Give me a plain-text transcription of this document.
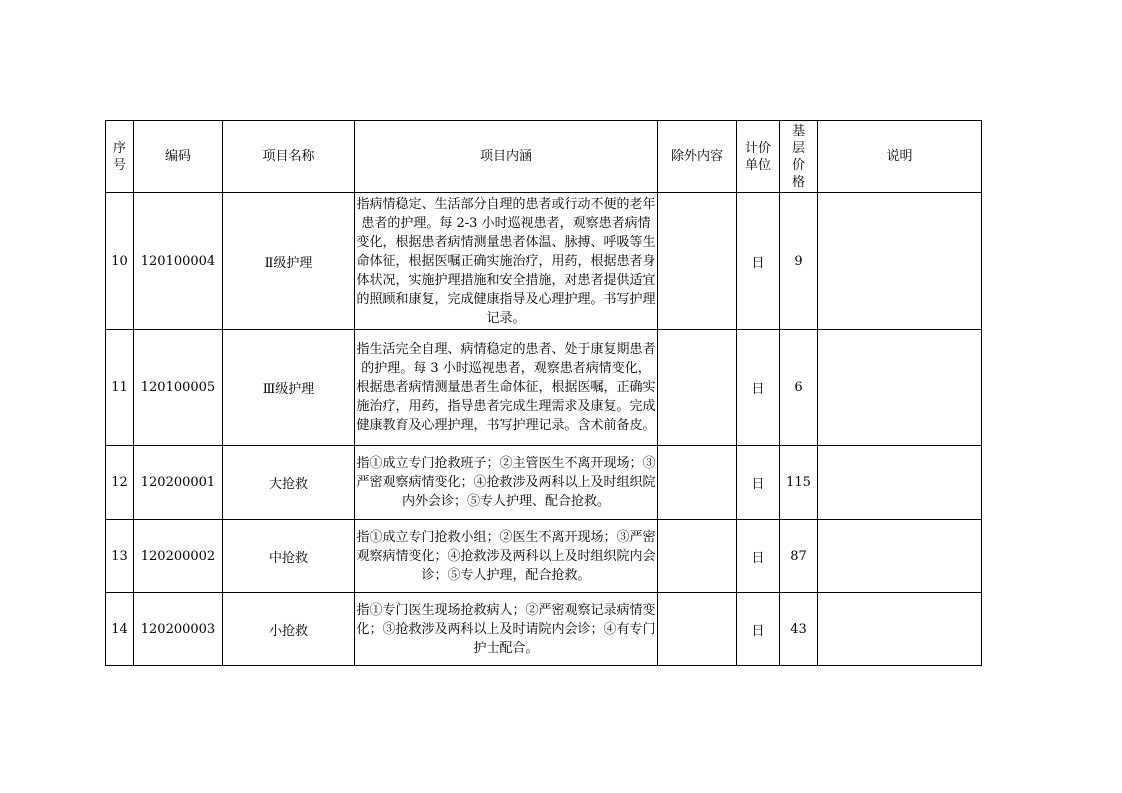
序号	编码	项目名称	项目内涵	除外内容	计价单位	基层价格	说明
10	120100004	Ⅱ级护理	指病情稳定、生活部分自理的患者或行动不便的老年患者的护理。每 2-3 小时巡视患者，观察患者病情变化，根据患者病情测量患者体温、脉搏、呼吸等生命体征，根据医嘱正确实施治疗，用药，根据患者身体状况，实施护理措施和安全措施，对患者提供适宜的照顾和康复，完成健康指导及心理护理。书写护理记录。		日	9	
11	120100005	Ⅲ级护理	指生活完全自理、病情稳定的患者、处于康复期患者的护理。每 3 小时巡视患者，观察患者病情变化，根据患者病情测量患者生命体征，根据医嘱，正确实施治疗，用药，指导患者完成生理需求及康复。完成健康教育及心理护理，书写护理记录。含术前备皮。		日	6	
12	120200001	大抢救	指①成立专门抢救班子；②主管医生不离开现场；③严密观察病情变化；④抢救涉及两科以上及时组织院内外会诊；⑤专人护理、配合抢救。		日	115	
13	120200002	中抢救	指①成立专门抢救小组；②医生不离开现场；③严密观察病情变化；④抢救涉及两科以上及时组织院内会诊；⑤专人护理，配合抢救。		日	87	
14	120200003	小抢救	指①专门医生现场抢救病人；②严密观察记录病情变化；③抢救涉及两科以上及时请院内会诊；④有专门护士配合。		日	43	
